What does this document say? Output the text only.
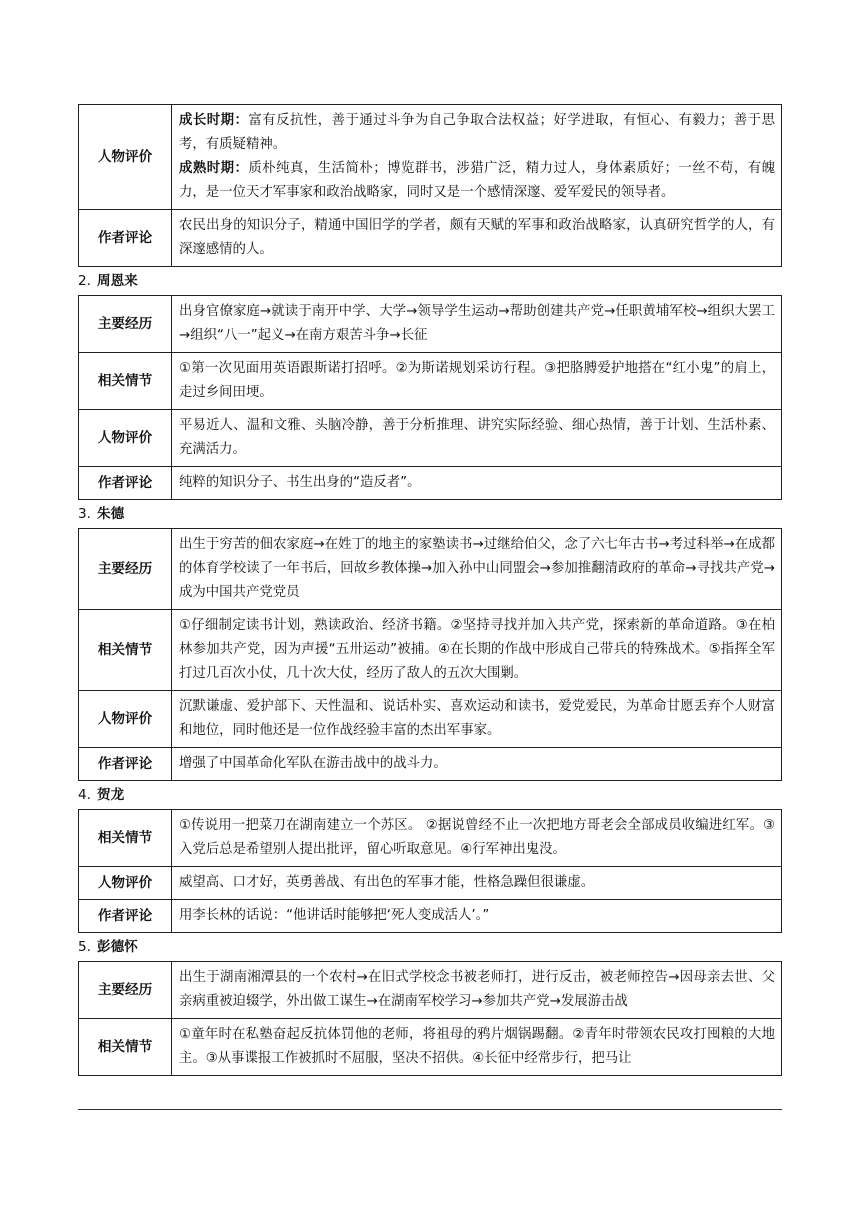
人物评价	成长时期：富有反抗性，善于通过斗争为自己争取合法权益；好学进取，有恒心、有毅力；善于思考，有质疑精神。
成熟时期：质朴纯真，生活简朴；博览群书，涉猎广泛，精力过人，身体素质好；一丝不苟，有魄力，是一位天才军事家和政治战略家，同时又是一个感情深邃、爱军爱民的领导者。

作者评论	农民出身的知识分子，精通中国旧学的学者，颇有天赋的军事和政治战略家，认真研究哲学的人，有深邃感情的人。
2. 周恩来
主要经历	出身官僚家庭→就读于南开中学、大学→领导学生运动→帮助创建共产党→任职黄埔军校→组织大罢工→组织“八一”起义→在南方艰苦斗争→长征
相关情节	①第一次见面用英语跟斯诺打招呼。②为斯诺规划采访行程。③把胳膊爱护地搭在“红小鬼”的肩上，走过乡间田埂。
人物评价	平易近人、温和文雅、头脑冷静，善于分析推理、讲究实际经验、细心热情，善于计划、生活朴素、充满活力。
作者评论	纯粹的知识分子、书生出身的“造反者”。
3. 朱德
主要经历	出生于穷苦的佃农家庭→在姓丁的地主的家塾读书→过继给伯父，念了六七年古书→考过科举→在成都的体育学校读了一年书后，回故乡教体操→加入孙中山同盟会→参加推翻清政府的革命→寻找共产党→成为中国共产党党员
相关情节	①仔细制定读书计划，熟读政治、经济书籍。②坚持寻找并加入共产党，探索新的革命道路。③在柏林参加共产党，因为声援“五卅运动”被捕。④在长期的作战中形成自己带兵的特殊战术。⑤指挥全军打过几百次小仗，几十次大仗，经历了敌人的五次大围剿。
人物评价	沉默谦虚、爱护部下、天性温和、说话朴实、喜欢运动和读书，爱党爱民，为革命甘愿丢弃个人财富和地位，同时他还是一位作战经验丰富的杰出军事家。
作者评论	增强了中国革命化军队在游击战中的战斗力。
4. 贺龙
相关情节	①传说用一把菜刀在湖南建立一个苏区。 ②据说曾经不止一次把地方哥老会全部成员收编进红军。③入党后总是希望别人提出批评，留心听取意见。④行军神出鬼没。
人物评价	威望高、口才好，英勇善战、有出色的军事才能，性格急躁但很谦虚。
作者评论	用李长林的话说：“他讲话时能够把‘死人变成活人’。”
5. 彭德怀
主要经历	出生于湖南湘潭县的一个农村→在旧式学校念书被老师打，进行反击，被老师控告→因母亲去世、父亲病重被迫辍学，外出做工谋生→在湖南军校学习→参加共产党→发展游击战
相关情节	①童年时在私塾奋起反抗体罚他的老师，将祖母的鸦片烟锅踢翻。②青年时带领农民攻打囤粮的大地主。③从事谍报工作被抓时不屈服，坚决不招供。④长征中经常步行，把马让
